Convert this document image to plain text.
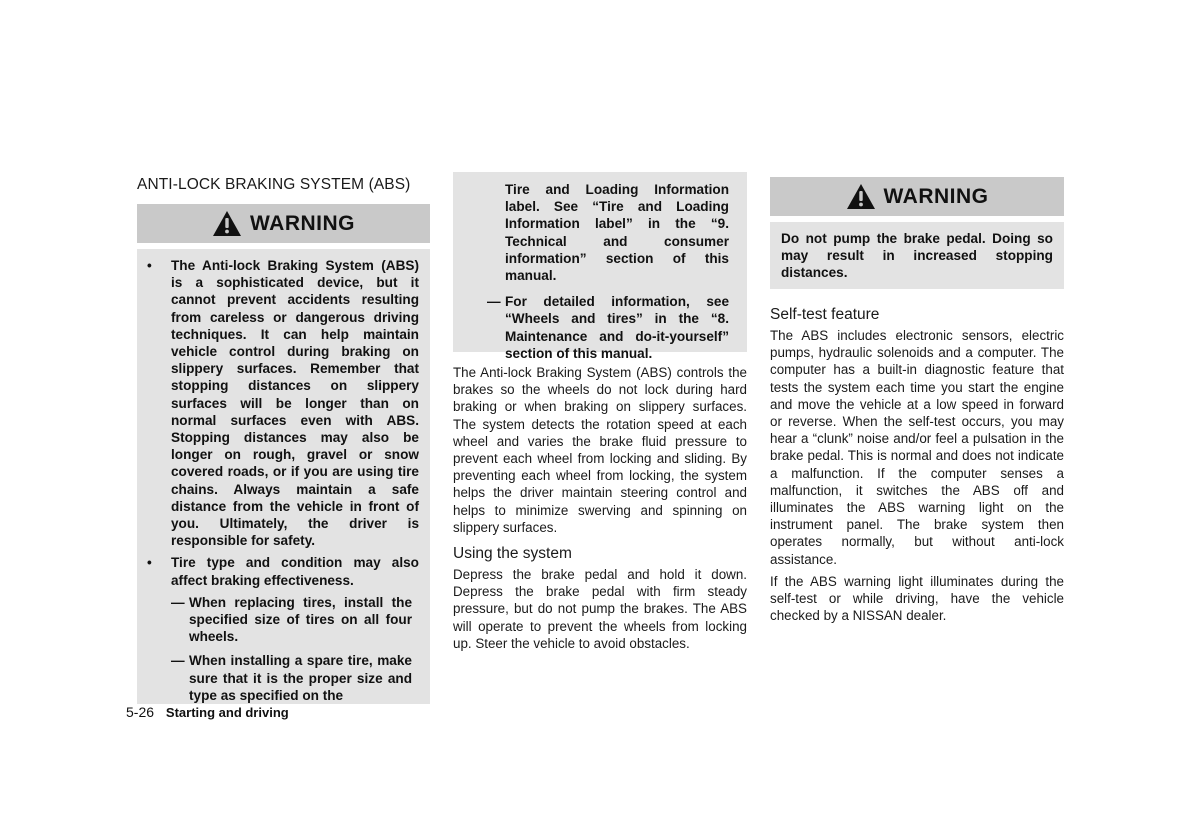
ANTI-LOCK BRAKING SYSTEM (ABS)
WARNING
• The Anti-lock Braking System (ABS) is a sophisticated device, but it cannot prevent accidents resulting from careless or dangerous driving techniques. It can help maintain vehicle control during braking on slippery surfaces. Remember that stopping distances on slippery surfaces will be longer than on normal surfaces even with ABS. Stopping distances may also be longer on rough, gravel or snow covered roads, or if you are using tire chains. Always maintain a safe distance from the vehicle in front of you. Ultimately, the driver is responsible for safety.
• Tire type and condition may also affect braking effectiveness.
— When replacing tires, install the specified size of tires on all four wheels.
— When installing a spare tire, make sure that it is the proper size and type as specified on the
Tire and Loading Information label. See “Tire and Loading Information label” in the “9. Technical and consumer information” section of this manual.
— For detailed information, see “Wheels and tires” in the “8. Maintenance and do-it-yourself” section of this manual.
The Anti-lock Braking System (ABS) controls the brakes so the wheels do not lock during hard braking or when braking on slippery surfaces. The system detects the rotation speed at each wheel and varies the brake fluid pressure to prevent each wheel from locking and sliding. By preventing each wheel from locking, the system helps the driver maintain steering control and helps to minimize swerving and spinning on slippery surfaces.
Using the system
Depress the brake pedal and hold it down. Depress the brake pedal with firm steady pressure, but do not pump the brakes. The ABS will operate to prevent the wheels from locking up. Steer the vehicle to avoid obstacles.
WARNING
Do not pump the brake pedal. Doing so may result in increased stopping distances.
Self-test feature
The ABS includes electronic sensors, electric pumps, hydraulic solenoids and a computer. The computer has a built-in diagnostic feature that tests the system each time you start the engine and move the vehicle at a low speed in forward or reverse. When the self-test occurs, you may hear a “clunk” noise and/or feel a pulsation in the brake pedal. This is normal and does not indicate a malfunction. If the computer senses a malfunction, it switches the ABS off and illuminates the ABS warning light on the instrument panel. The brake system then operates normally, but without anti-lock assistance.
If the ABS warning light illuminates during the self-test or while driving, have the vehicle checked by a NISSAN dealer.
5-26 Starting and driving
